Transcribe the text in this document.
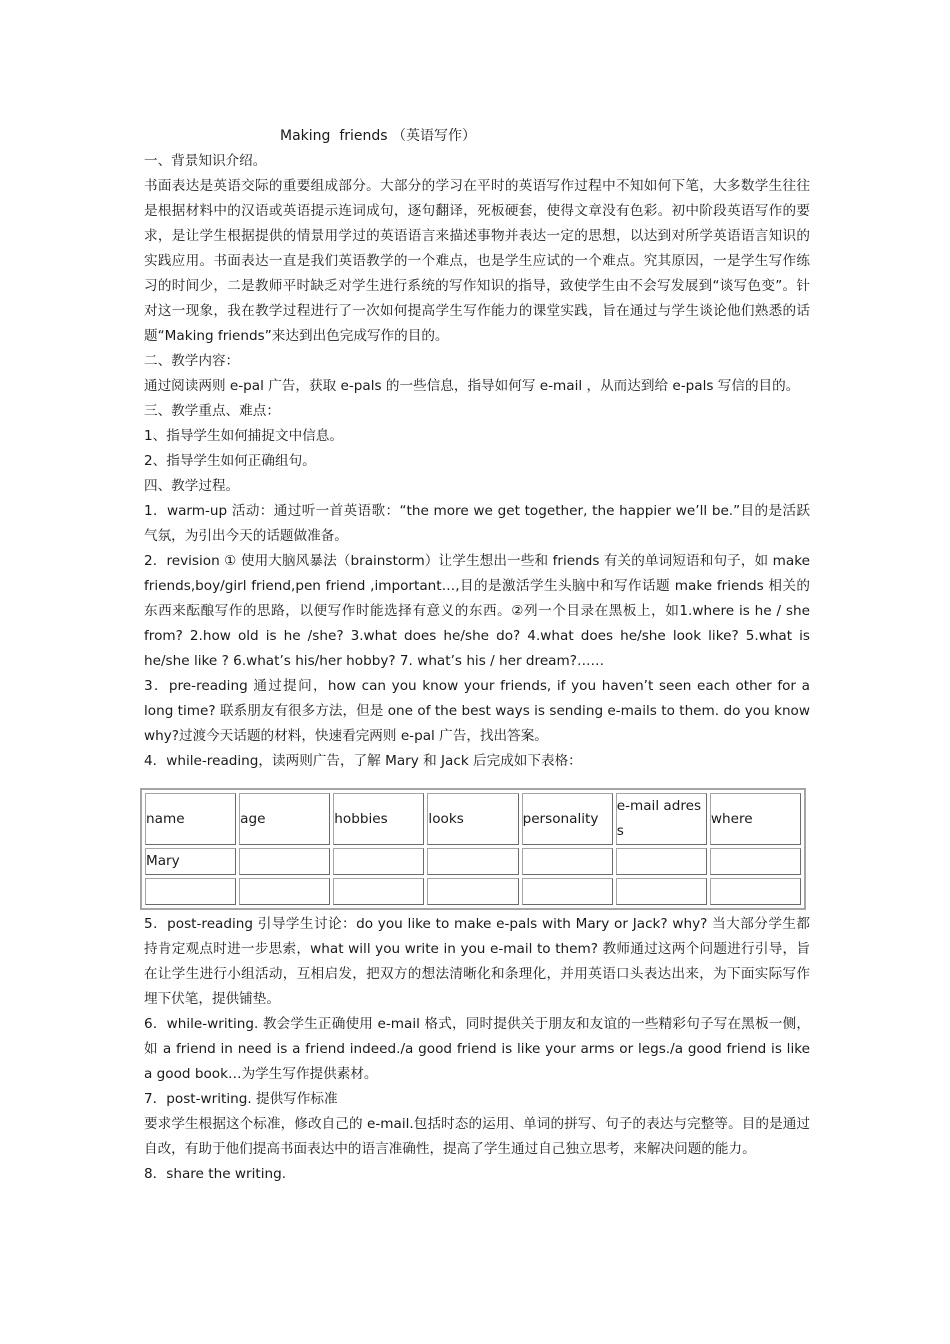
Making  friends （英语写作）

一、背景知识介绍。

书面表达是英语交际的重要组成部分。大部分的学习在平时的英语写作过程中不知如何下笔，大多数学生往往是根据材料中的汉语或英语提示连词成句，逐句翻译，死板硬套，使得文章没有色彩。初中阶段英语写作的要求，是让学生根据提供的情景用学过的英语语言来描述事物并表达一定的思想，以达到对所学英语语言知识的实践应用。书面表达一直是我们英语教学的一个难点，也是学生应试的一个难点。究其原因，一是学生写作练习的时间少，二是教师平时缺乏对学生进行系统的写作知识的指导，致使学生由不会写发展到“谈写色变”。针对这一现象，我在教学过程进行了一次如何提高学生写作能力的课堂实践，旨在通过与学生谈论他们熟悉的话题“Making friends”来达到出色完成写作的目的。

二、教学内容：

通过阅读两则 e-pal 广告，获取 e-pals 的一些信息，指导如何写 e-mail ，从而达到给 e-pals 写信的目的。

三、教学重点、难点：

1、指导学生如何捕捉文中信息。

2、指导学生如何正确组句。

四、教学过程。

1．warm-up 活动：通过听一首英语歌：“the more we get together, the happier we’ll be.”目的是活跃气氛，为引出今天的话题做准备。

2．revision ① 使用大脑风暴法（brainstorm）让学生想出一些和 friends 有关的单词短语和句子，如 make friends,boy/girl friend,pen friend ,important…,目的是激活学生头脑中和写作话题 make friends 相关的东西来酝酿写作的思路，以便写作时能选择有意义的东西。②列一个目录在黑板上，如1.where is he / she from? 2.how old is he /she? 3.what does he/she do? 4.what does he/she look like? 5.what is he/she like ? 6.what’s his/her hobby? 7. what’s his / her dream?……

3．pre-reading 通过提问，how can you know your friends, if you haven’t seen each other for a long time? 联系朋友有很多方法，但是 one of the best ways is sending e-mails to them. do you know why?过渡今天话题的材料，快速看完两则 e-pal 广告，找出答案。

4．while-reading，读两则广告，了解 Mary 和 Jack 后完成如下表格：

name	age	hobbies	looks	personality	e-mail adress	where
Mary						

5．post-reading 引导学生讨论：do you like to make e-pals with Mary or Jack? why? 当大部分学生都持肯定观点时进一步思索，what will you write in you e-mail to them? 教师通过这两个问题进行引导，旨在让学生进行小组活动，互相启发，把双方的想法清晰化和条理化，并用英语口头表达出来，为下面实际写作埋下伏笔，提供铺垫。

6．while-writing. 教会学生正确使用 e-mail 格式，同时提供关于朋友和友谊的一些精彩句子写在黑板一侧，如 a friend in need is a friend indeed./a good friend is like your arms or legs./a good friend is like a good book…为学生写作提供素材。

7．post-writing. 提供写作标准

要求学生根据这个标准，修改自己的 e-mail.包括时态的运用、单词的拼写、句子的表达与完整等。目的是通过自改，有助于他们提高书面表达中的语言准确性，提高了学生通过自己独立思考，来解决问题的能力。

8．share the writing.
